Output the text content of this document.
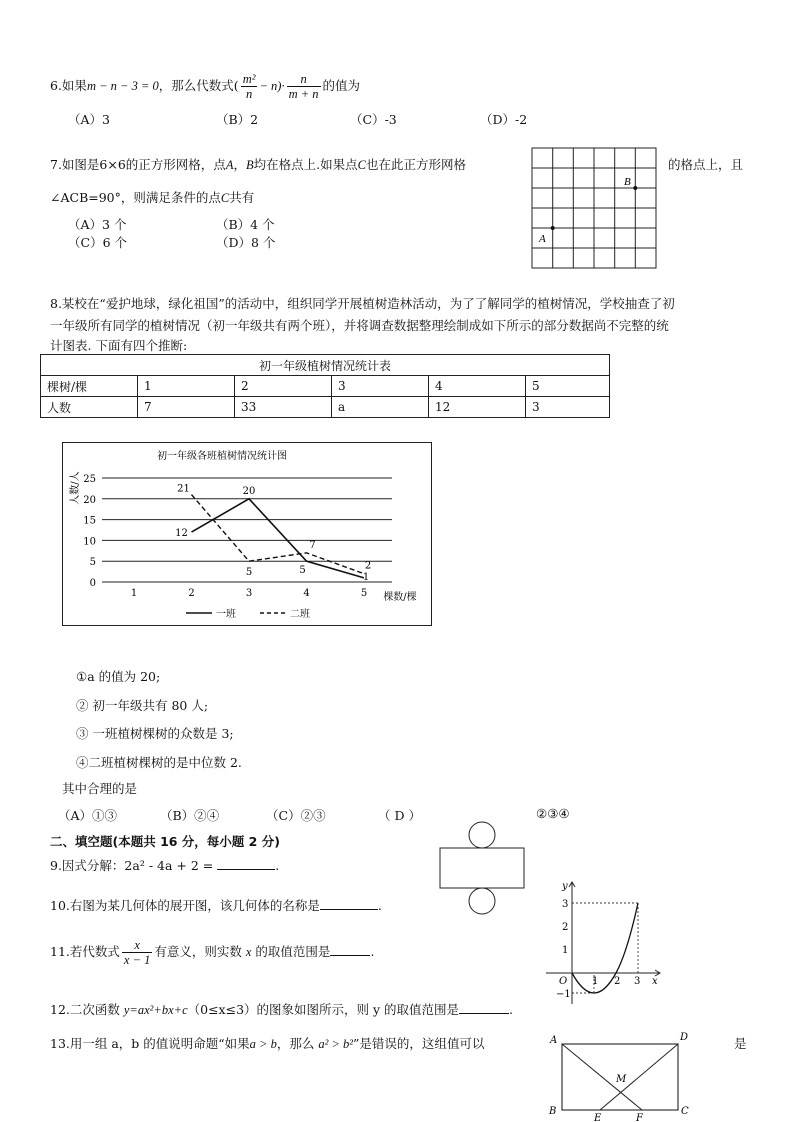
6.如果m − n − 3 = 0，那么代数式( $\frac{\text{m²}}{n} - n)\cdot \frac{n}{m + n}$ 的值为
（A）3	（B）2	（C）-3	（D）-2
7.如图是6×6的正方形网格，点A，B均在格点上.如果点C也在此正方形网格	的格点上，且
∠ACB=90°，则满足条件的点C共有
（A）3 个	（B）4 个
（C）6 个	（D）8 个	A
B
8.某校在“爱护地球，绿化祖国”的活动中，组织同学开展植树造林活动，为了了解同学的植树情况，学校抽查了初
一年级所有同学的植树情况（初一年级共有两个班），并将调查数据整理绘制成如下所示的部分数据尚不完整的统
计图表. 下面有四个推断:
初一年级植树情况统计表					
棵树/棵	1	2	3	4	5
人数	7	33	a	12	3
初一年级各班植树情况统计图
人数/人
棵数/棵
0
5
10
15
20
25
1	2	3	4	5
12
20
5
1
21
5
7
2
一班	二班
①a 的值为 20;
② 初一年级共有 80 人;
③ 一班植树棵树的众数是 3;
④二班植树棵树的是中位数 2.
其中合理的是
（A）①③	（B）②④	（C）②③	（ D ）	②③④
二、填空题(本题共 16 分，每小题 2 分)
9.因式分解：2a² - 4a + 2 =	.
10.右图为某几何体的展开图，该几何体的名称是	.
11.若代数式 $\frac{x}{x - 1}$ 有意义，则实数 x 的取值范围是	.
y
x
O
3
2
1
−1
1 2 3
12.二次函数 y=ax²+bx+c（0≤x≤3）的图象如图所示，则 y 的取值范围是	.
13.用一组 a，b 的值说明命题“如果a > b，那么 a² > b²”是错误的，这组值可以	是
A	D
M
B
E	F
C
